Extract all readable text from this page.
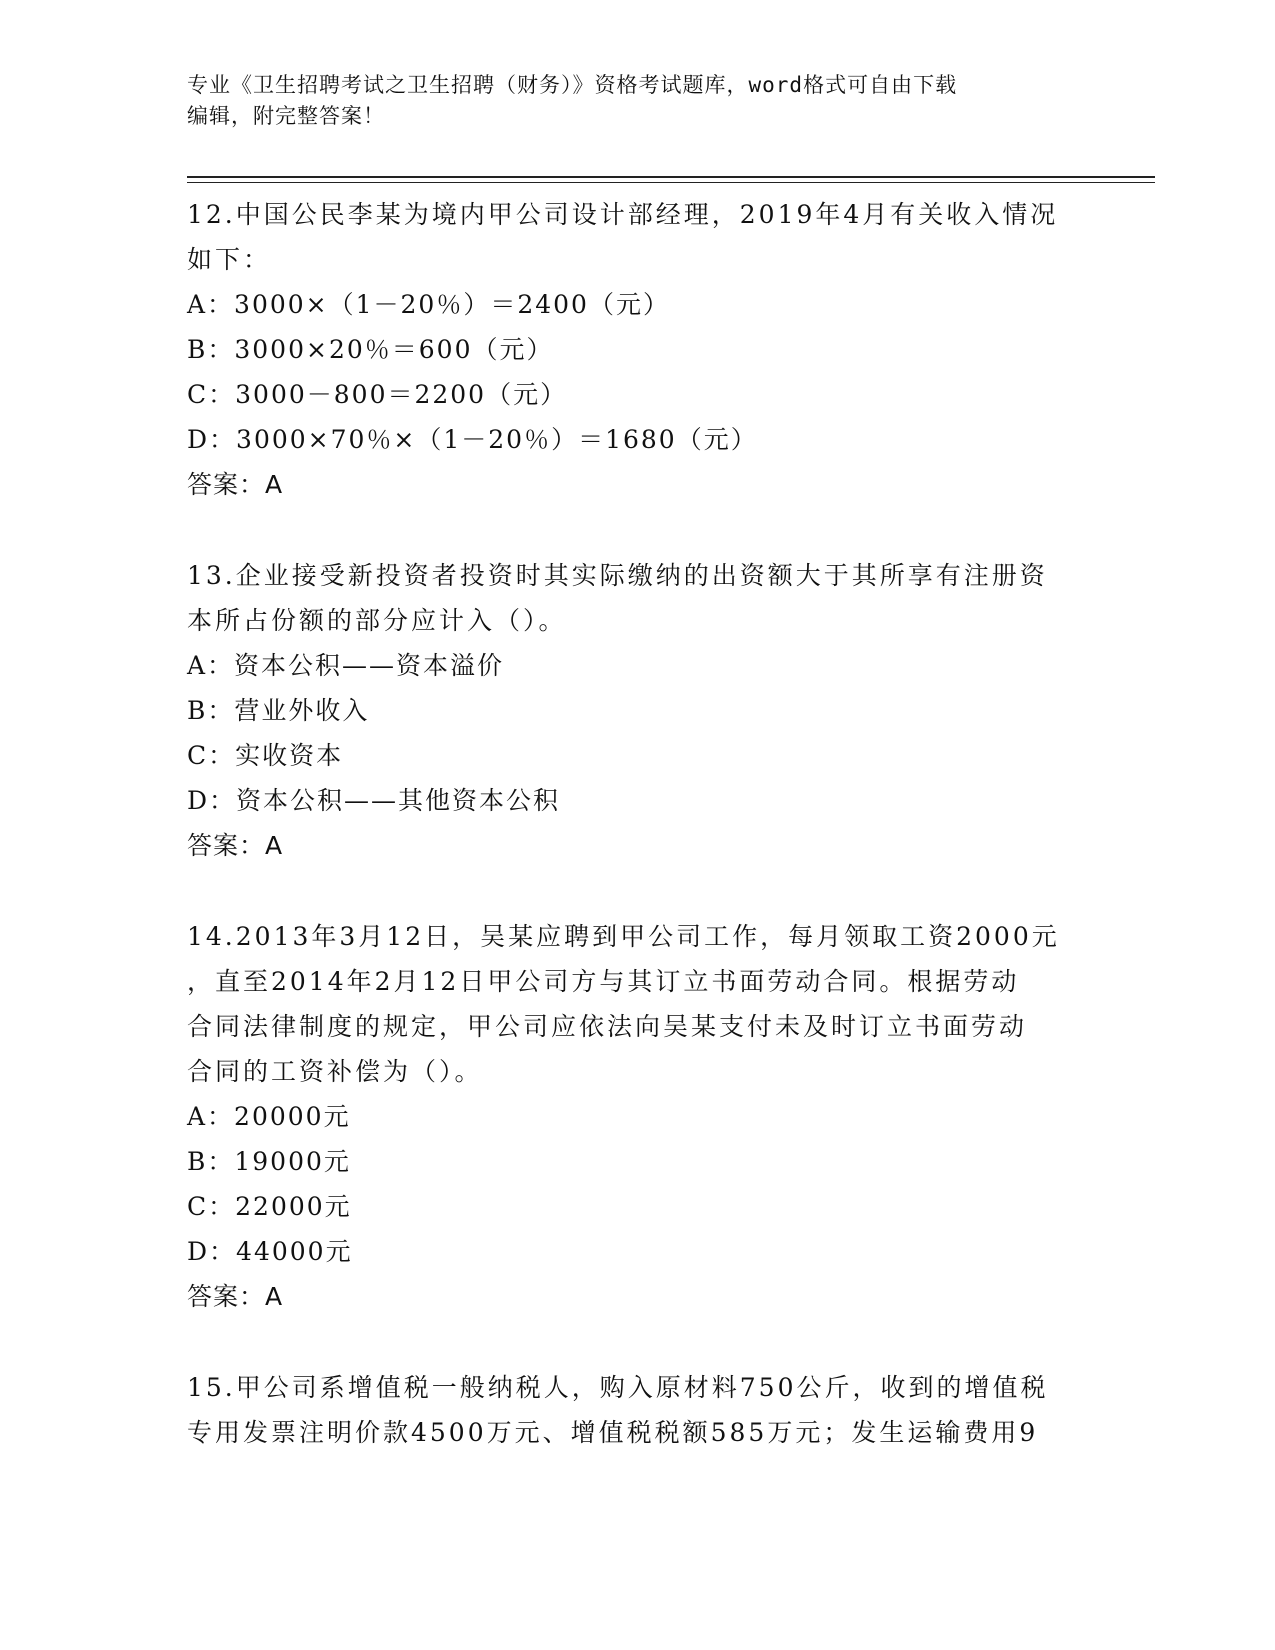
专业《卫生招聘考试之卫生招聘（财务）》资格考试题库，word格式可自由下载
编辑，附完整答案！
12.中国公民李某为境内甲公司设计部经理，2019年4月有关收入情况
如下：
A：3000×（1－20％）＝2400（元）
B：3000×20％＝600（元）
C：3000－800＝2200（元）
D：3000×70％×（1－20％）＝1680（元）
答案：A
13.企业接受新投资者投资时其实际缴纳的出资额大于其所享有注册资
本所占份额的部分应计入（）。
A：资本公积——资本溢价
B：营业外收入
C：实收资本
D：资本公积——其他资本公积
答案：A
14.2013年3月12日，吴某应聘到甲公司工作，每月领取工资2000元
，直至2014年2月12日甲公司方与其订立书面劳动合同。根据劳动
合同法律制度的规定，甲公司应依法向吴某支付未及时订立书面劳动
合同的工资补偿为（）。
A：20000元
B：19000元
C：22000元
D：44000元
答案：A
15.甲公司系增值税一般纳税人，购入原材料750公斤，收到的增值税
专用发票注明价款4500万元、增值税税额585万元；发生运输费用9
